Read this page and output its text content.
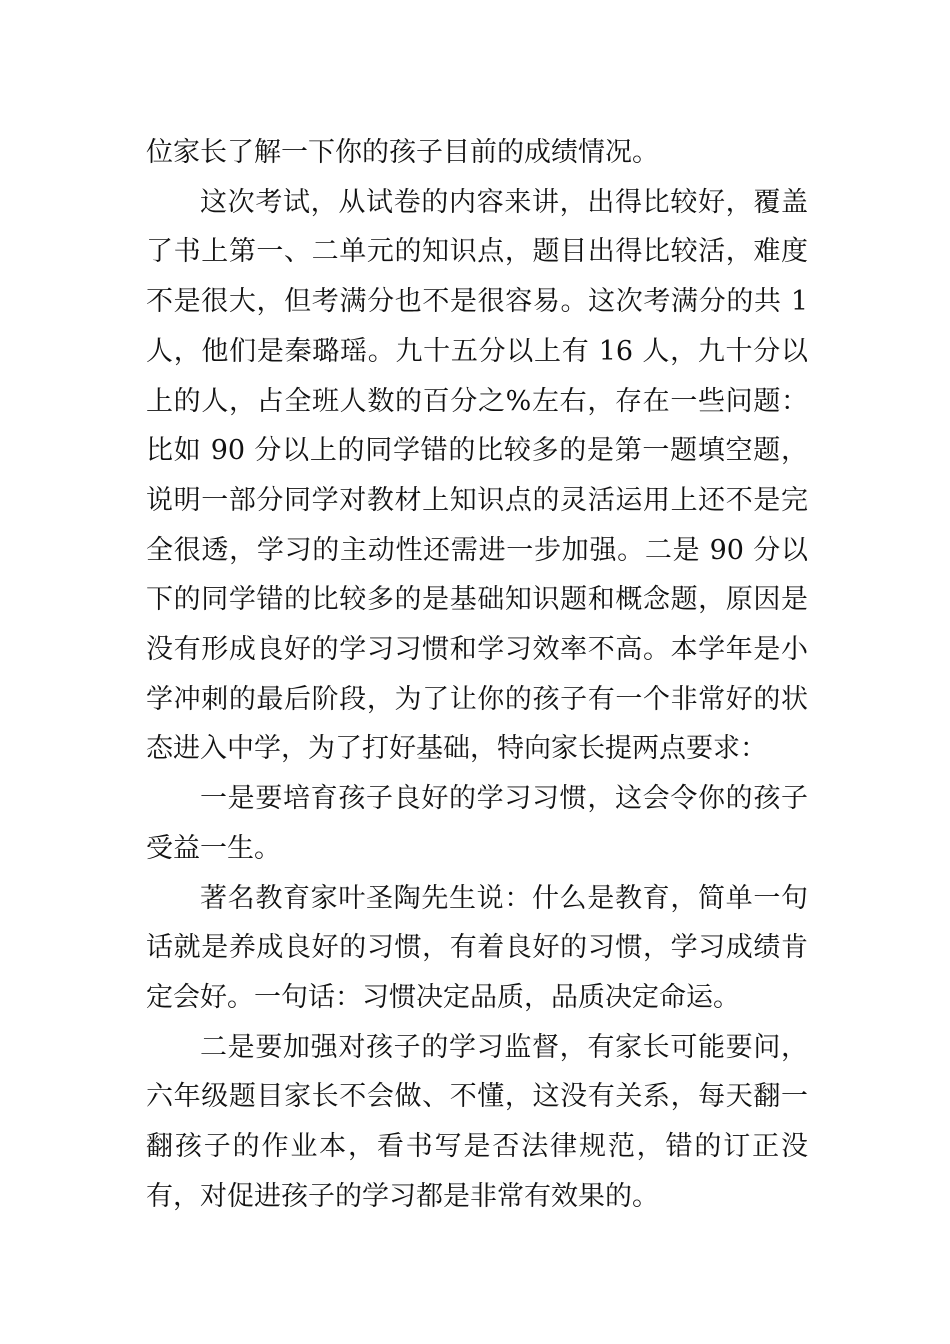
位家长了解一下你的孩子目前的成绩情况。

这次考试，从试卷的内容来讲，出得比较好，覆盖了书上第一、二单元的知识点，题目出得比较活，难度不是很大，但考满分也不是很容易。这次考满分的共 1 人，他们是秦璐瑶。九十五分以上有 16 人，九十分以上的人，占全班人数的百分之%左右，存在一些问题：比如 90 分以上的同学错的比较多的是第一题填空题，说明一部分同学对教材上知识点的灵活运用上还不是完全很透，学习的主动性还需进一步加强。二是 90 分以下的同学错的比较多的是基础知识题和概念题，原因是没有形成良好的学习习惯和学习效率不高。本学年是小学冲刺的最后阶段，为了让你的孩子有一个非常好的状态进入中学，为了打好基础，特向家长提两点要求：

一是要培育孩子良好的学习习惯，这会令你的孩子受益一生。

著名教育家叶圣陶先生说：什么是教育，简单一句话就是养成良好的习惯，有着良好的习惯，学习成绩肯定会好。一句话：习惯决定品质，品质决定命运。

二是要加强对孩子的学习监督，有家长可能要问，六年级题目家长不会做、不懂，这没有关系，每天翻一翻孩子的作业本，看书写是否法律规范，错的订正没有，对促进孩子的学习都是非常有效果的。
